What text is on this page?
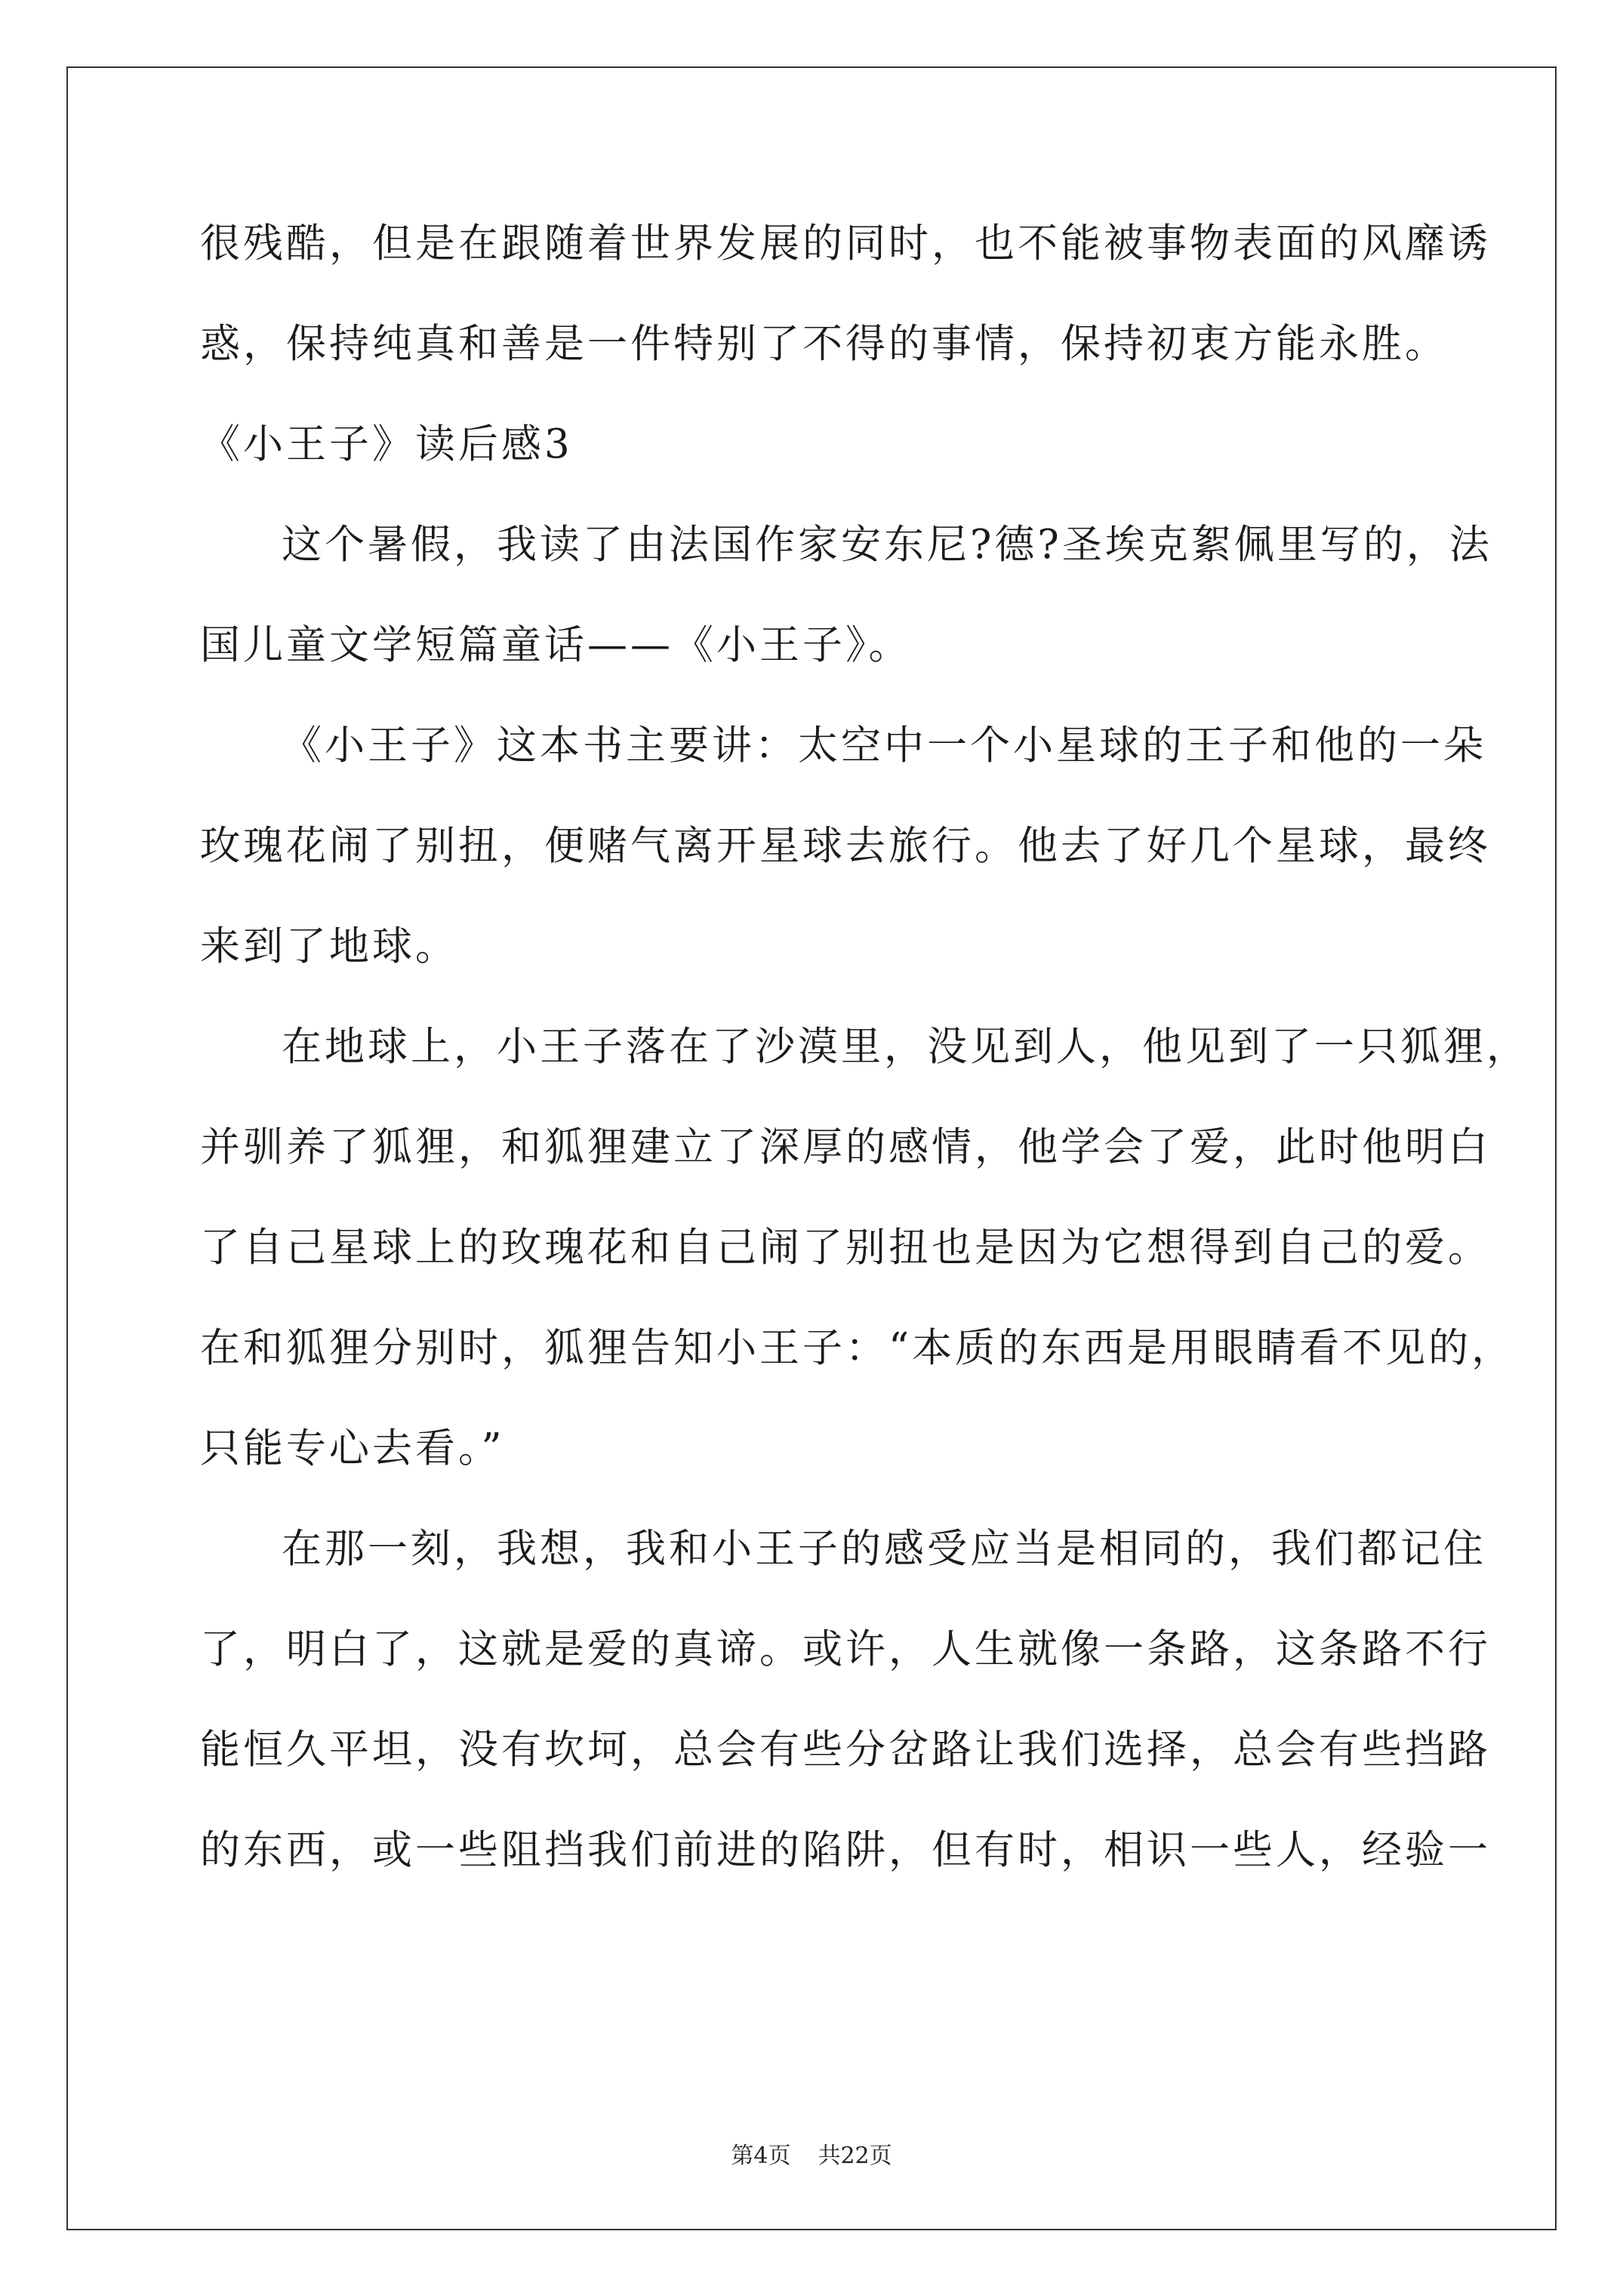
很残酷，但是在跟随着世界发展的同时，也不能被事物表面的风靡诱
惑，保持纯真和善是一件特别了不得的事情，保持初衷方能永胜。
《小王子》读后感3
这个暑假，我读了由法国作家安东尼?德?圣埃克絮佩里写的，法
国儿童文学短篇童话——《小王子》。
《小王子》这本书主要讲：太空中一个小星球的王子和他的一朵
玫瑰花闹了别扭，便赌气离开星球去旅行。他去了好几个星球，最终
来到了地球。
在地球上，小王子落在了沙漠里，没见到人，他见到了一只狐狸，
并驯养了狐狸，和狐狸建立了深厚的感情，他学会了爱，此时他明白
了自己星球上的玫瑰花和自己闹了别扭也是因为它想得到自己的爱。
在和狐狸分别时，狐狸告知小王子：“本质的东西是用眼睛看不见的，
只能专心去看。”
在那一刻，我想，我和小王子的感受应当是相同的，我们都记住
了，明白了，这就是爱的真谛。或许，人生就像一条路，这条路不行
能恒久平坦，没有坎坷，总会有些分岔路让我们选择，总会有些挡路
的东西，或一些阻挡我们前进的陷阱，但有时，相识一些人，经验一
第4页 共22页
